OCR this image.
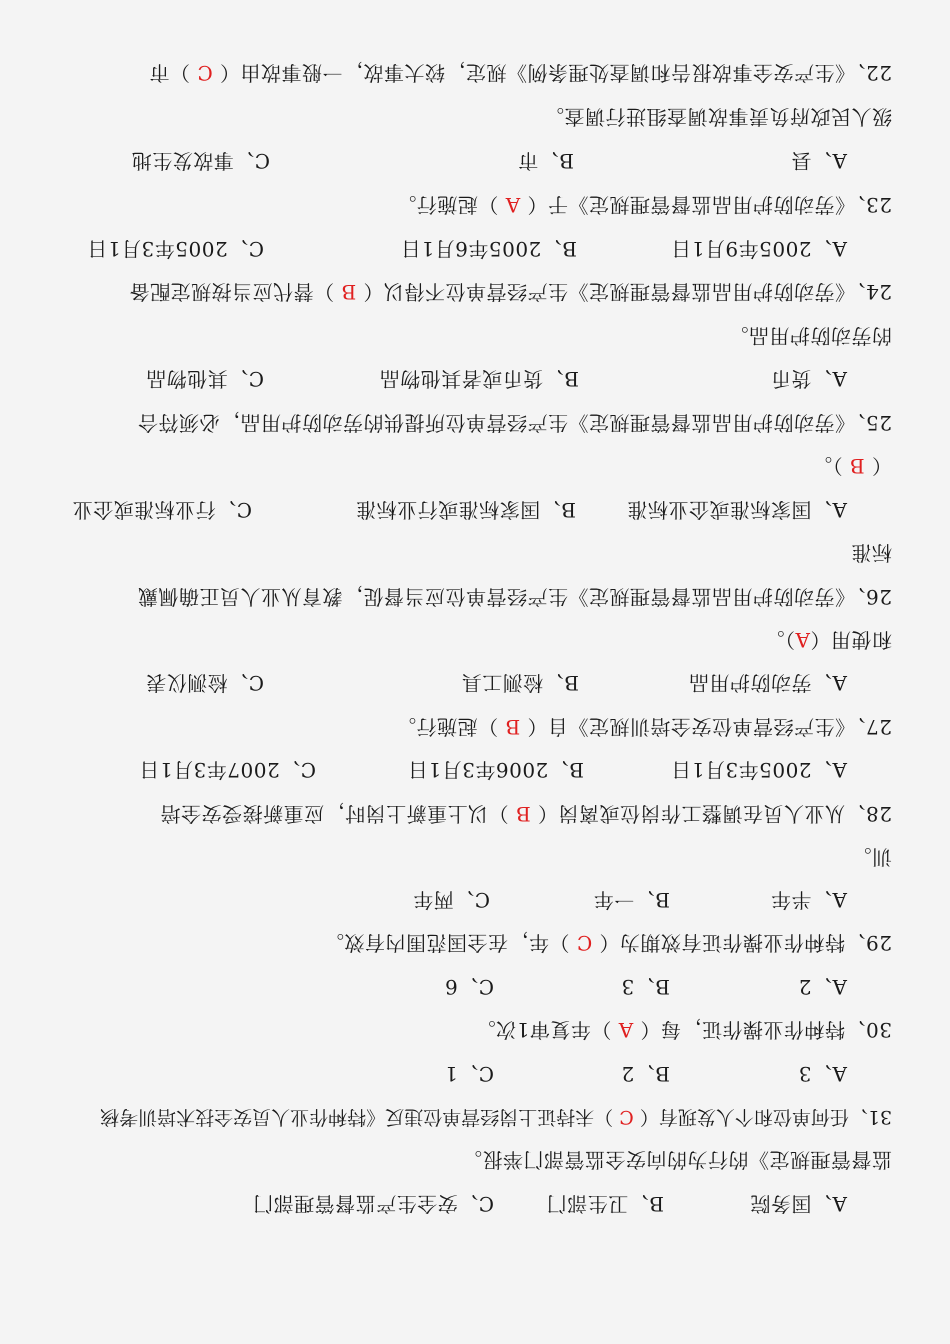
22、《生产安全事故报告和调查处理条例》规定，较大事故，一般事故由（ C ）市
级人民政府负责事故调查组进行调查。
A、县
B、市
C、事故发生地
23、《劳动防护用品监督管理规定》于（ A ）起施行。
A、2005年9月1日
B、2005年6月1日
C、2005年3月1日
24、《劳动防护用品监督管理规定》生产经营单位不得以（ B ）替代应当按规定配备
的劳动防护用品。
A、货币
B、货币或者其他物品
C、其他物品
25、《劳动防护用品监督管理规定》生产经营单位所提供的劳动防护用品，必须符合
（ B ）。
A、国家标准或企业标准
B、国家标准或行业标准
C、行业标准或企业
标准
26、《劳动防护用品监督管理规定》生产经营单位应当督促，教育从业人员正确佩戴
和使用（A）。
A、劳动防护用品
B、检测工具
C、检测仪表
27、《生产经营单位安全培训规定》自（ B ）起施行。
A、2005年3月1日
B、2006年3月1日
C、2007年3月1日
28、从业人员在调整工作岗位或离岗（ B ）以上重新上岗时，应重新接受安全培
训。
A、半年
B、一年
C、两年
29、特种作业操作证有效期为（ C ）年，在全国范围内有效。
A、2
B、3
C、6
30、特种作业操作证，每（ A ）年复审1次。
A、3
B、2
C、1
31、任何单位和个人发现有（ C ）未持证上岗经营单位违反《特种作业人员安全技术培训考核
监督管理规定》的行为的向安全监管部门举报。
A、国务院
B、卫生部门
C、安全生产监督管理部门
